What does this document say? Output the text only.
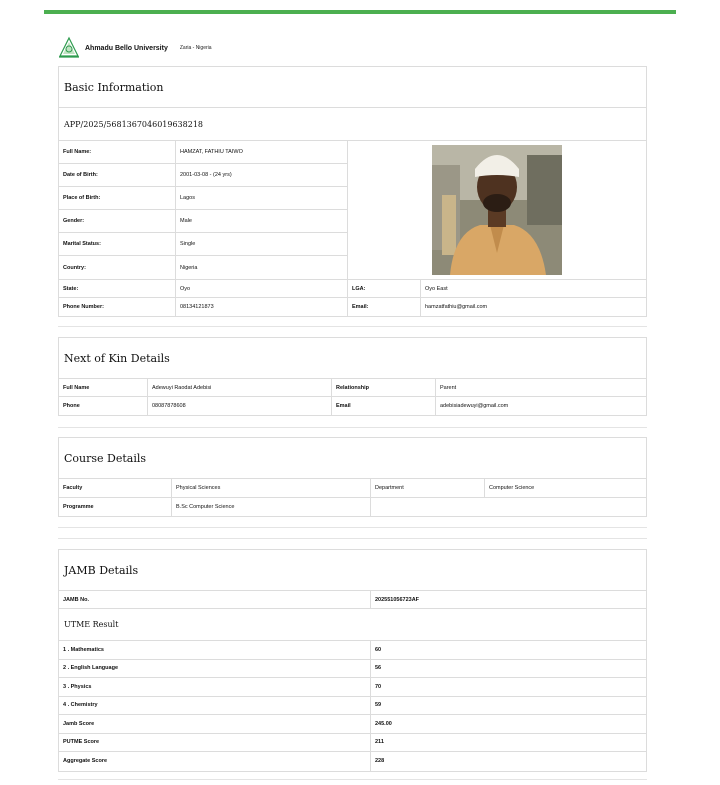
Ahmadu Bello University Zaria - Nigeria
Basic Information
APP/2025/5681367046019638218
Full Name:	HAMZAT, FATHIU TAIWO
Date of Birth:	2001-03-08 - (24 yrs)
Place of Birth:	Lagos
Gender:	Male
Marital Status:	Single
Country:	Nigeria
State:	Oyo	LGA:	Oyo East
Phone Number:	08134121873	Email:	hamzatfathiu@gmail.com
Next of Kin Details
Full Name	Adewuyi Raodat Adebisi	Relationship	Parent
Phone	08087878608	Email	adebisiadewuyi@gmail.com
Course Details
Faculty	Physical Sciences	Department	Computer Science
Programme	B.Sc Computer Science
JAMB Details
JAMB No.	202551056723AF
UTME Result
1 . Mathematics	60
2 . English Language	56
3 . Physics	70
4 . Chemistry	59
Jamb Score	245.00
PUTME Score	211
Aggregate Score	228
